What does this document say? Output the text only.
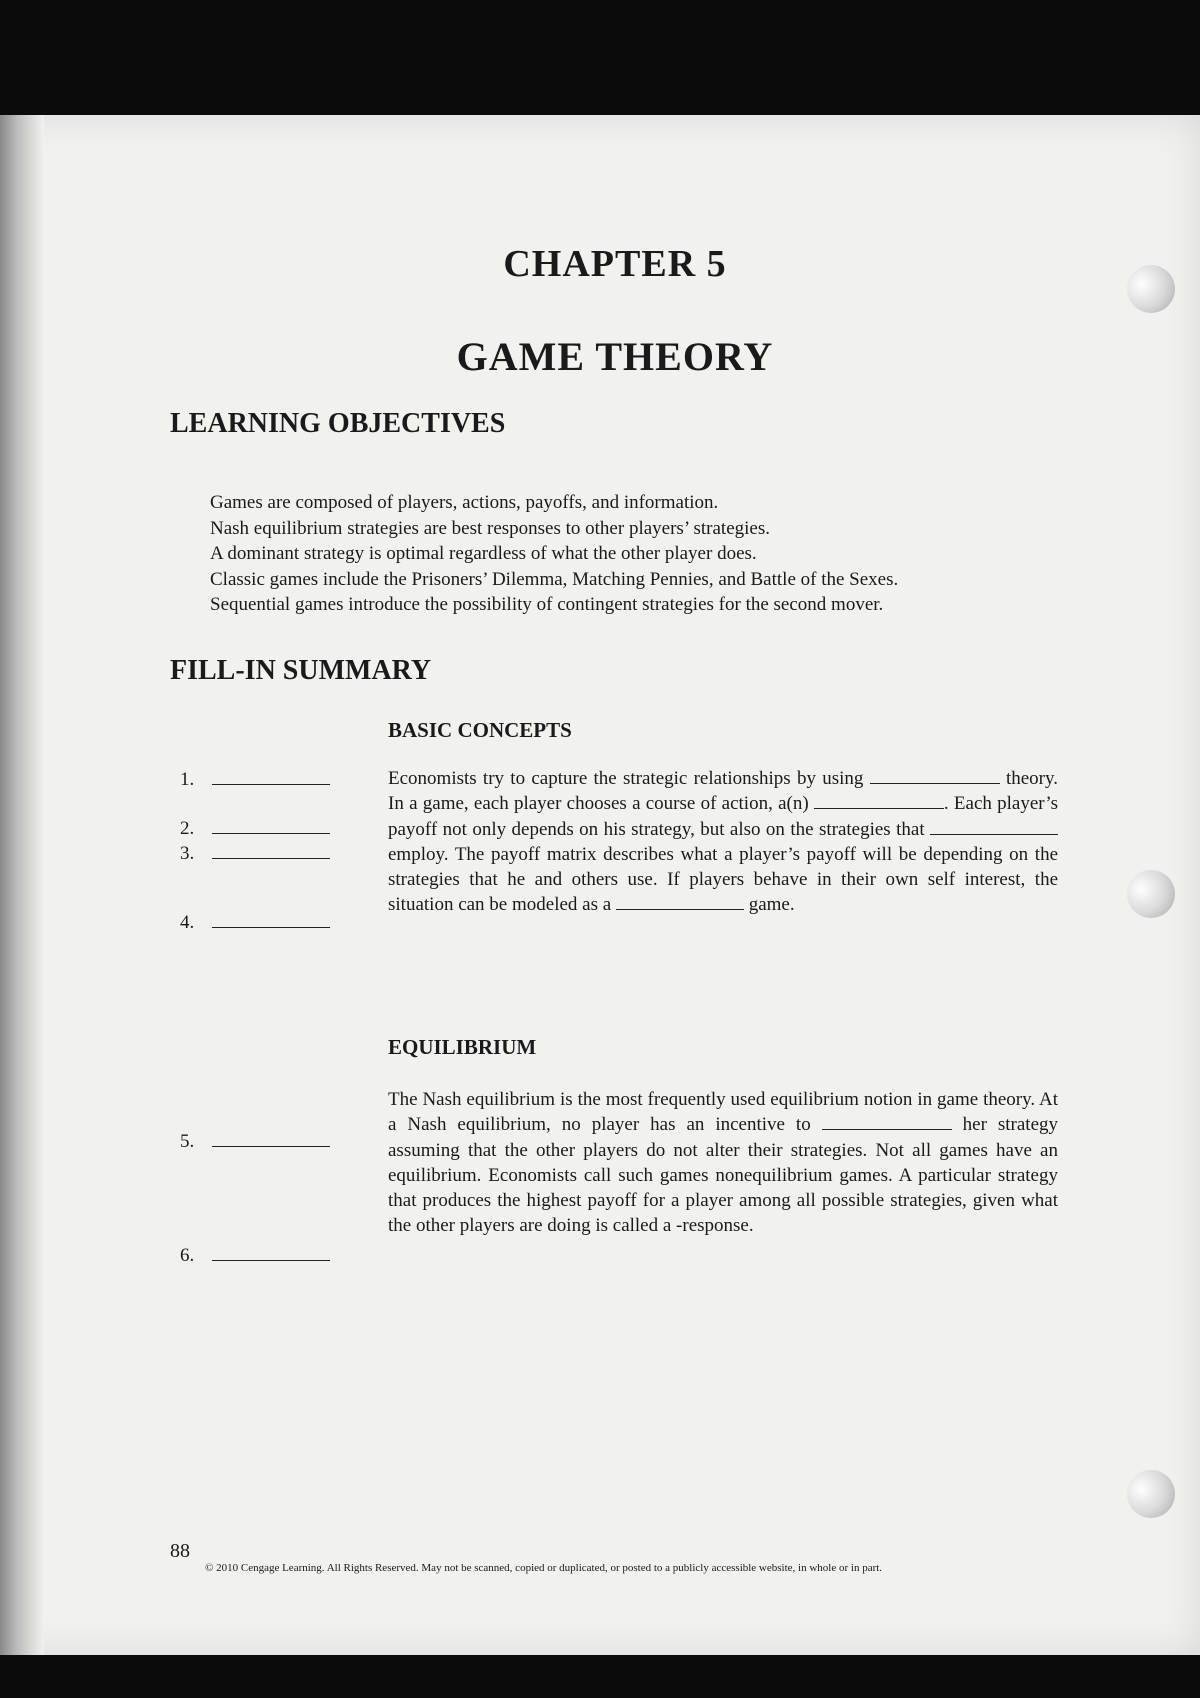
CHAPTER 5
GAME THEORY
LEARNING OBJECTIVES
Games are composed of players, actions, payoffs, and information.
Nash equilibrium strategies are best responses to other players’ strategies.
A dominant strategy is optimal regardless of what the other player does.
Classic games include the Prisoners’ Dilemma, Matching Pennies, and Battle of the Sexes.
Sequential games introduce the possibility of contingent strategies for the second mover.
FILL-IN SUMMARY
BASIC CONCEPTS
1.
2.
3.
4.

Economists try to capture the strategic relationships by using	theory. In a game, each player chooses a course of action, a(n)	. Each player’s payoff not only depends on his strategy, but also on the strategies that  employ. The payoff matrix describes what a player’s payoff will be depending on the strategies that he and others use. If players behave in their own self interest, the situation can be modeled as a	game.

EQUILIBRIUM
5.
6.

The Nash equilibrium is the most frequently used equilibrium notion in game theory. At a Nash equilibrium, no player has an incentive to	her strategy assuming that the other players do not alter their strategies. Not all games have an equilibrium. Economists call such games nonequilibrium games. A particular strategy that produces the highest payoff for a player among all possible strategies, given what the other players are doing is called a -response.

88
© 2010 Cengage Learning. All Rights Reserved. May not be scanned, copied or duplicated, or posted to a publicly accessible website, in whole or in part.
